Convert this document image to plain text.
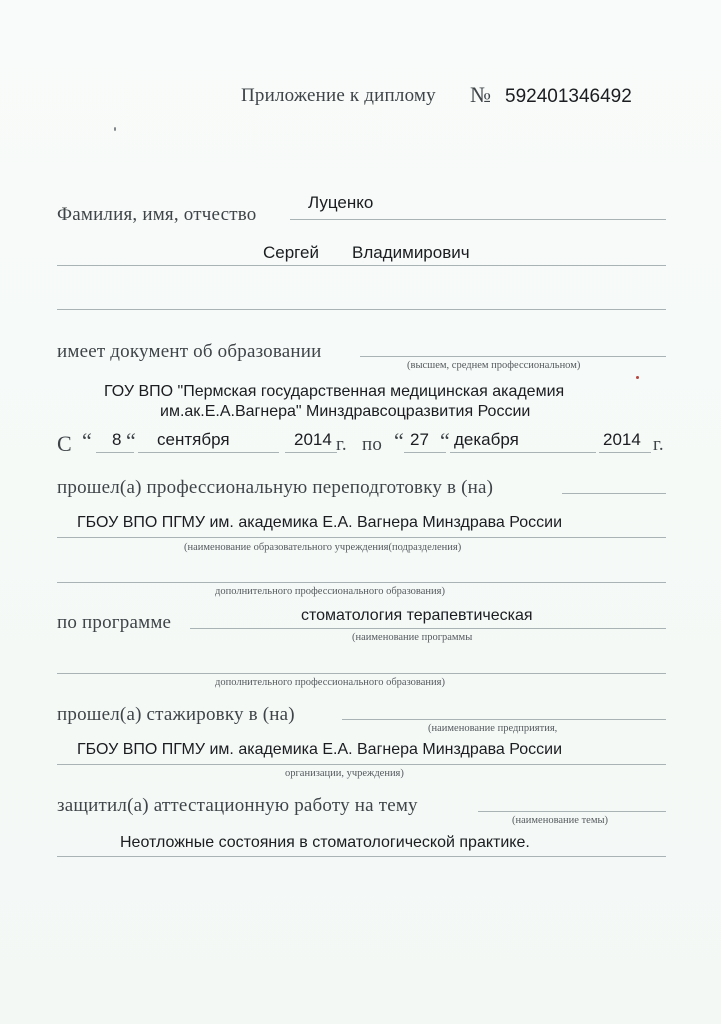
Приложение к диплому № 592401346492
Фамилия, имя, отчество
Луценко
Сергей Владимирович
имеет документ об образовании
(высшем, среднем профессиональном)
ГОУ ВПО "Пермская государственная медицинская академия
им.ак.Е.А.Вагнера" Минздравсоцразвития России
С “ 8 “ сентября	2014 г. по “ 27 “ декабря	2014 г.
прошел(а) профессиональную переподготовку в (на)
ГБОУ ВПО ПГМУ им. академика Е.А. Вагнера Минздрава России
(наименование образовательного учреждения(подразделения)
дополнительного профессионального образования)
по программе	стоматология терапевтическая
(наименование программы
дополнительного профессионального образования)
прошел(а) стажировку в (на)
(наименование предприятия,
ГБОУ ВПО ПГМУ им. академика Е.А. Вагнера Минздрава России
организации, учреждения)
защитил(а) аттестационную работу на тему
(наименование темы)
Неотложные состояния в стоматологической практике.
